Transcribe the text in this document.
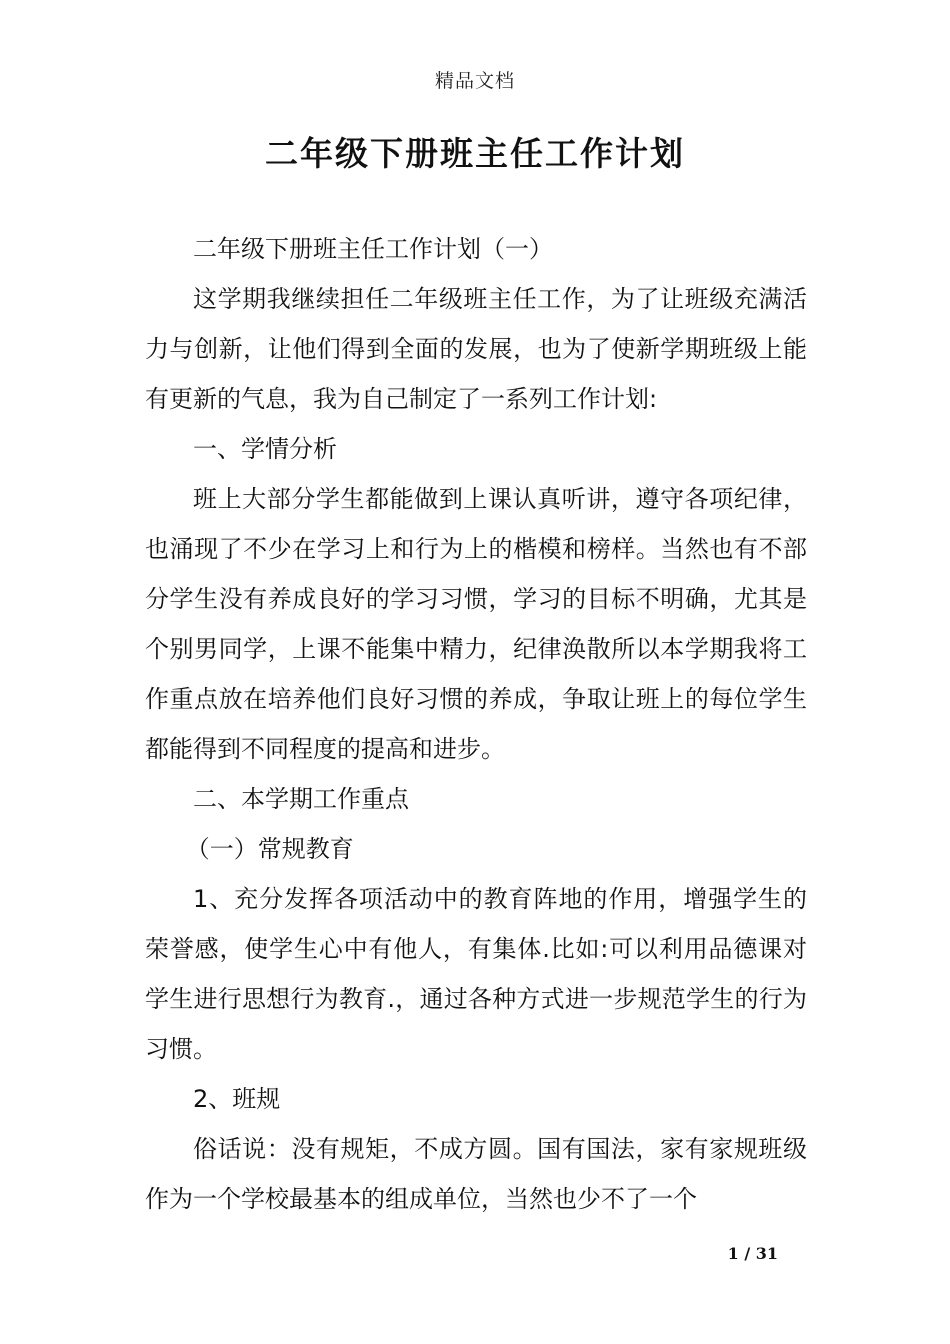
精品文档
二年级下册班主任工作计划

二年级下册班主任工作计划（一）

这学期我继续担任二年级班主任工作，为了让班级充满活力与创新，让他们得到全面的发展，也为了使新学期班级上能有更新的气息，我为自己制定了一系列工作计划:

一、学情分析

班上大部分学生都能做到上课认真听讲，遵守各项纪律，也涌现了不少在学习上和行为上的楷模和榜样。当然也有不部分学生没有养成良好的学习习惯，学习的目标不明确，尤其是个别男同学，上课不能集中精力，纪律涣散所以本学期我将工作重点放在培养他们良好习惯的养成，争取让班上的每位学生都能得到不同程度的提高和进步。

二、本学期工作重点

（一）常规教育

1、充分发挥各项活动中的教育阵地的作用，增强学生的荣誉感，使学生心中有他人，有集体.比如:可以利用品德课对学生进行思想行为教育.，通过各种方式进一步规范学生的行为习惯。

2、班规

俗话说：没有规矩，不成方圆。国有国法，家有家规班级作为一个学校最基本的组成单位，当然也少不了一个

1 / 31
